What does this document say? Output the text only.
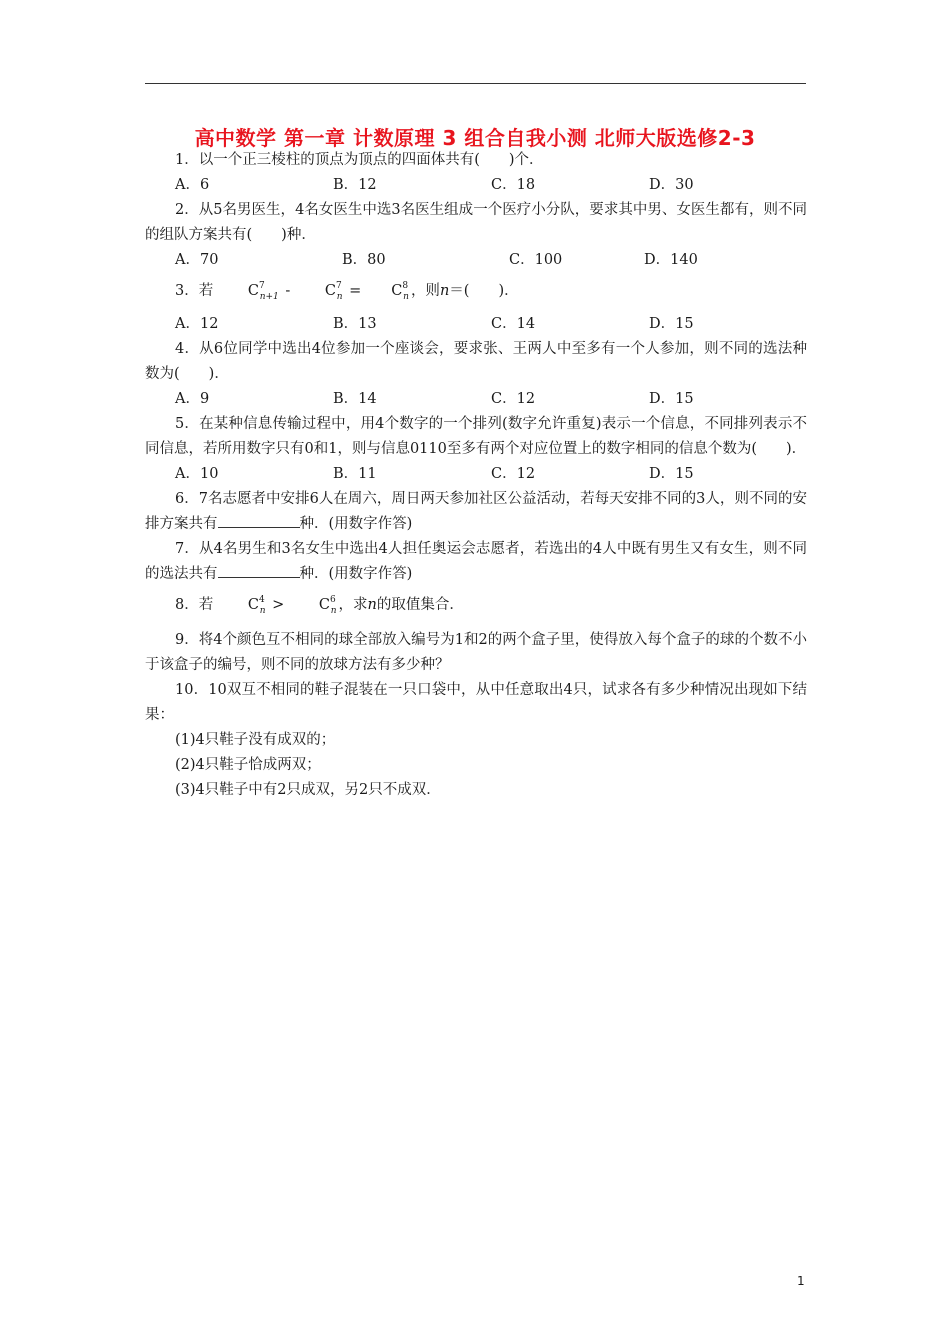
高中数学 第一章 计数原理 3 组合自我小测 北师大版选修2-3

1．以一个正三棱柱的顶点为顶点的四面体共有(　　)个．

A．6	B．12	C．18	D．30

2．从5名男医生，4名女医生中选3名医生组成一个医疗小分队，要求其中男、女医生都有，则不同的组队方案共有(　　)种．

A．70	B．80	C．100	D．140

3．若 $C^7_{n+1} - C^7_n = C^8_n$ ，则n＝(　　)．

A．12	B．13	C．14	D．15

4．从6位同学中选出4位参加一个座谈会，要求张、王两人中至多有一个人参加，则不同的选法种数为(　　)．

A．9	B．14	C．12	D．15

5．在某种信息传输过程中，用4个数字的一个排列(数字允许重复)表示一个信息，不同排列表示不同信息，若所用数字只有0和1，则与信息0110至多有两个对应位置上的数字相同的信息个数为(　　)．

A．10	B．11	C．12	D．15

6．7名志愿者中安排6人在周六，周日两天参加社区公益活动，若每天安排不同的3人，则不同的安排方案共有	种．(用数字作答)

7．从4名男生和3名女生中选出4人担任奥运会志愿者，若选出的4人中既有男生又有女生，则不同的选法共有	种．(用数字作答)

8．若 $C^4_n > C^6_n$ ，求n的取值集合．

9．将4个颜色互不相同的球全部放入编号为1和2的两个盒子里，使得放入每个盒子的球的个数不小于该盒子的编号，则不同的放球方法有多少种？

10．10双互不相同的鞋子混装在一只口袋中，从中任意取出4只，试求各有多少种情况出现如下结果：

(1)4只鞋子没有成双的；

(2)4只鞋子恰成两双；

(3)4只鞋子中有2只成双，另2只不成双．

1
